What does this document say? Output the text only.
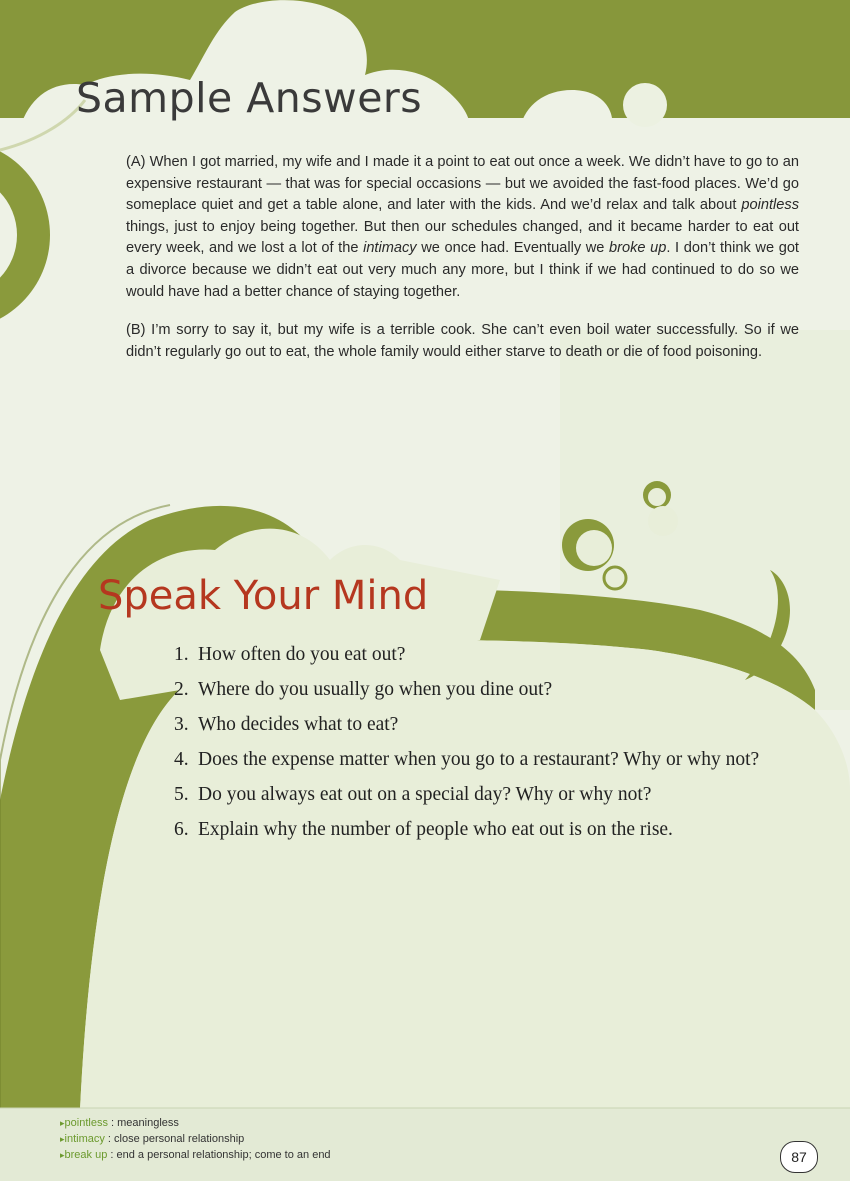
Sample Answers

(A) When I got married, my wife and I made it a point to eat out once a week. We didn’t have to go to an expensive restaurant — that was for special occasions — but we avoided the fast-food places. We’d go someplace quiet and get a table alone, and later with the kids. And we’d relax and talk about pointless things, just to enjoy being together. But then our schedules changed, and it became harder to eat out every week, and we lost a lot of the intimacy we once had. Eventually we broke up. I don’t think we got a divorce because we didn’t eat out very much any more, but I think if we had continued to do so we would have had a better chance of staying together.

(B) I’m sorry to say it, but my wife is a terrible cook. She can’t even boil water successfully. So if we didn’t regularly go out to eat, the whole family would either starve to death or die of food poisoning.

Speak Your Mind
1. How often do you eat out?
2. Where do you usually go when you dine out?
3. Who decides what to eat?
4. Does the expense matter when you go to a restaurant? Why or why not?
5. Do you always eat out on a special day? Why or why not?
6. Explain why the number of people who eat out is on the rise.
▸pointless : meaningless
▸intimacy : close personal relationship
▸break up : end a personal relationship; come to an end	87
